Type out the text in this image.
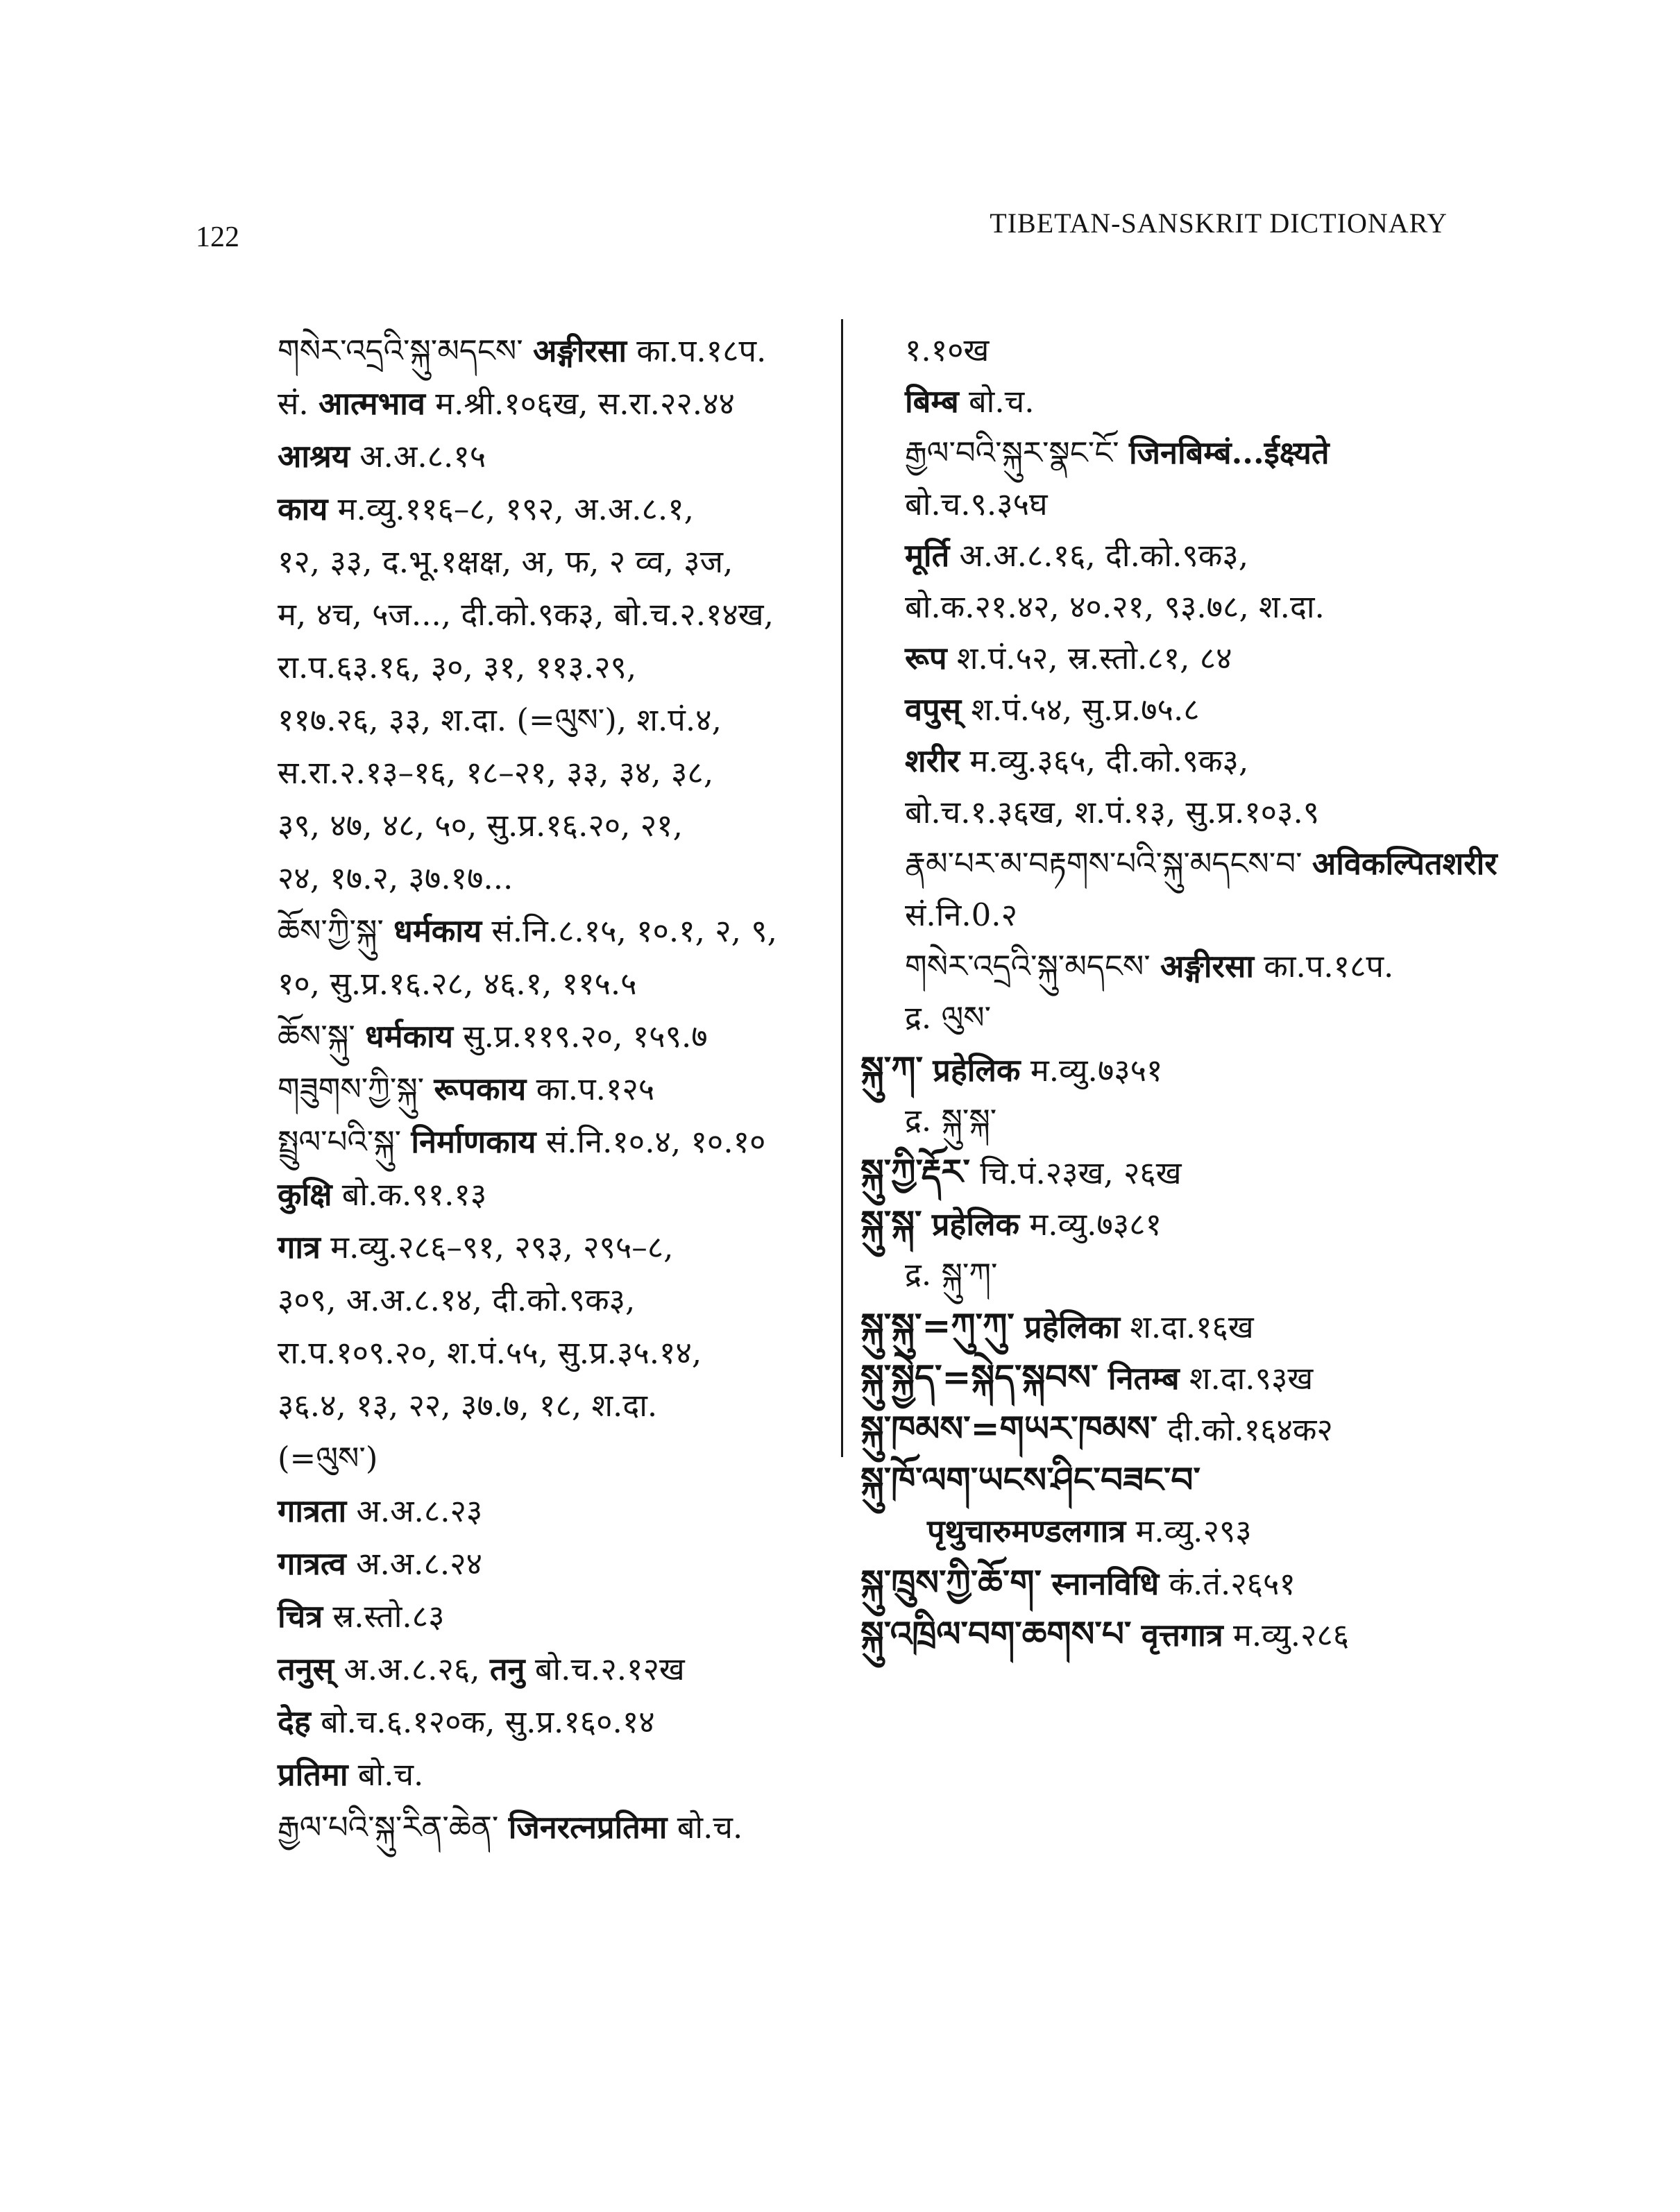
122	TIBETAN-SANSKRIT DICTIONARY
གསེར་འདྲའི་སྐུ་མདངས་ अङ्गीरसा का.प.१८प.
सं. आत्मभाव म.श्री.१०६ख, स.रा.२२.४४
आश्रय अ.अ.८.१५
काय म.व्यु.११६–८, १९२, अ.अ.८.१,
१२, ३३, द.भू.१क्षक्ष, अ, फ, २ व्व, ३ज,
म, ४च, ५ज..., दी.को.९क३, बो.च.२.१४ख,
रा.प.६३.१६, ३०, ३१, ११३.२९,
११७.२६, ३३, श.दा. (=ལུས་), श.पं.४,
स.रा.२.१३–१६, १८–२१, ३३, ३४, ३८,
३९, ४७, ४८, ५०, सु.प्र.१६.२०, २१,
२४, १७.२, ३७.१७...
ཆོས་ཀྱི་སྐུ་ धर्मकाय सं.नि.८.१५, १०.१, २, ९,
१०, सु.प्र.१६.२८, ४६.१, ११५.५
ཆོས་སྐུ་ धर्मकाय सु.प्र.११९.२०, १५९.७
གཟུགས་ཀྱི་སྐུ་ रूपकाय का.प.१२५
སྤྲུལ་པའི་སྐུ་ निर्माणकाय सं.नि.१०.४, १०.१०
कुक्षि बो.क.९१.१३
गात्र म.व्यु.२८६–९१, २९३, २९५–८,
३०९, अ.अ.८.१४, दी.को.९क३,
रा.प.१०९.२०, श.पं.५५, सु.प्र.३५.१४,
३६.४, १३, २२, ३७.७, १८, श.दा.
(=ལུས་)
गात्रता अ.अ.८.२३
गात्रत्व अ.अ.८.२४
चित्र स्र.स्तो.८३
तनुस् अ.अ.८.२६, तनु बो.च.२.१२ख
देह बो.च.६.१२०क, सु.प्र.१६०.१४
प्रतिमा बो.च.
རྒྱལ་པའི་སྐུ་རིན་ཆེན་ जिनरत्नप्रतिमा बो.च.
१.१०ख
बिम्ब बो.च.
རྒྱལ་བའི་སྐུར་སྣང་ངོ་ जिनबिम्बं...ईक्ष्यते
बो.च.९.३५घ
मूर्ति अ.अ.८.१६, दी.को.९क३,
बो.क.२१.४२, ४०.२१, ९३.७८, श.दा.
रूप श.पं.५२, स्र.स्तो.८१, ८४
वपुस् श.पं.५४, सु.प्र.७५.८
शरीर म.व्यु.३६५, दी.को.९क३,
बो.च.१.३६ख, श.पं.१३, सु.प्र.१०३.९
རྣམ་པར་མ་བརྟགས་པའི་སྐུ་མདངས་བ་ अविकल्पितशरीर
सं.नि.0.२
གསེར་འདྲའི་སྐུ་མདངས་ अङ्गीरसा का.प.१८प.
द्र. ལུས་
སྐུ་ཀ་ प्रहेलिक म.व्यु.७३५१
द्र. སྐུ་སྐ་
སྐུ་ཀྱི་རྡོར་ चि.पं.२३ख, २६ख
སྐུ་སྐ་ प्रहेलिक म.व्यु.७३८१
द्र. སྐུ་ཀ་
སྐུ་སྐུ་=ཀུ་ཀུ་ प्रहेलिका श.दा.१६ख
སྐུ་སྐྱེད་=སྐེད་སྐབས་ नितम्ब श.दा.९३ख
སྐུ་ཁམས་=གཡར་ཁམས་ दी.को.१६४क२
སྐུ་ཁོ་ལག་ཡངས་ཤིང་བཟང་བ་
पृथुचारुमण्डलगात्र म.व्यु.२९३
སྐུ་ཁྲུས་ཀྱི་ཆོ་ག་ स्नानविधि कं.तं.२६५१
སྐུ་འཁྲིལ་བག་ཆགས་པ་ वृत्तगात्र म.व्यु.२८६
